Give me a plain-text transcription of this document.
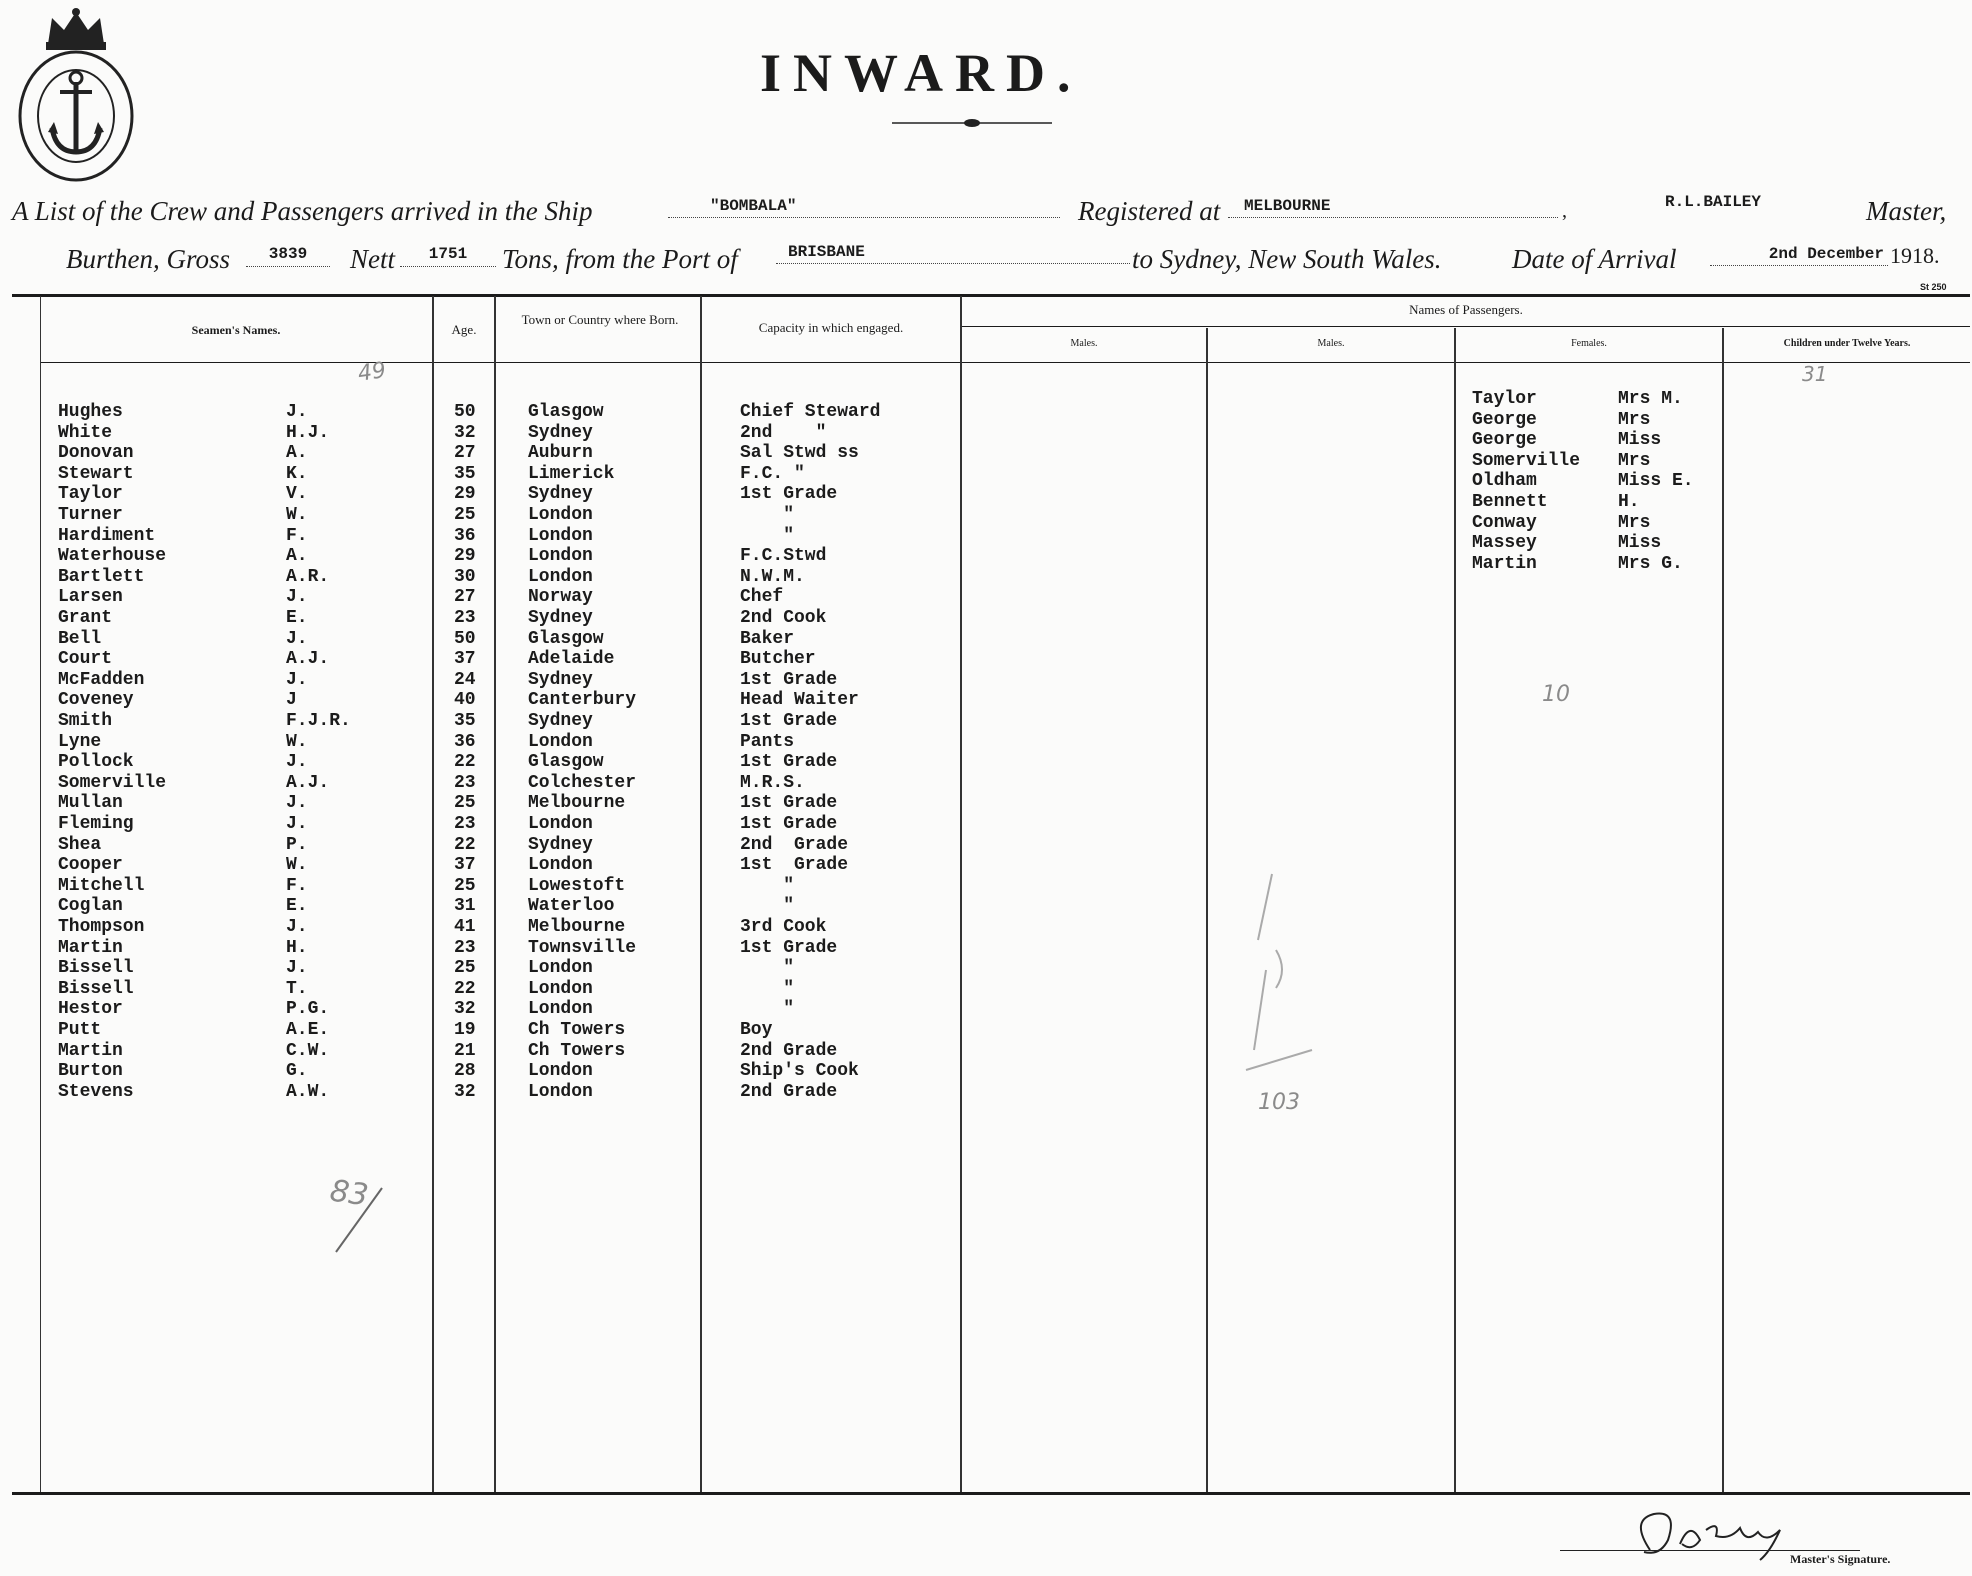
INWARD.
A List of the Crew and Passengers arrived in the Ship	"BOMBALA"	Registered at	MELBOURNE	,	R.L.BAILEY	Master,
Burthen, Gross	3839	Nett	1751	Tons, from the Port of	BRISBANE	to Sydney, New South Wales.	Date of Arrival	2nd December 19 18.
St 250
Seamen's Names.	Age.
Town or Country where Born.
Capacity in which engaged.
Names of Passengers.
Males.	Males.	Females.	Children under Twelve Years.
Hughes	J.	50	Glasgow	Chief Steward
White	H.J.	32	Sydney	2nd    "
Donovan	A.	27	Auburn	Sal Stwd ss
Stewart	K.	35	Limerick	F.C. "
Taylor	V.	29	Sydney	1st Grade
Turner	W.	25	London	"
Hardiment	F.	36	London	"
Waterhouse	A.	29	London	F.C.Stwd
Bartlett	A.R.	30	London	N.W.M.
Larsen	J.	27	Norway	Chef
Grant	E.	23	Sydney	2nd Cook
Bell	J.	50	Glasgow	Baker
Court	A.J.	37	Adelaide	Butcher
McFadden	J.	24	Sydney	1st Grade
Coveney	J	40	Canterbury	Head Waiter
Smith	F.J.R.	35	Sydney	1st Grade
Lyne	W.	36	London	Pants
Pollock	J.	22	Glasgow	1st Grade
Somerville	A.J.	23	Colchester	M.R.S.
Mullan	J.	25	Melbourne	1st Grade
Fleming	J.	23	London	1st Grade
Shea	P.	22	Sydney	2nd  Grade
Cooper	W.	37	London	1st  Grade
Mitchell	F.	25	Lowestoft	"
Coglan	E.	31	Waterloo	"
Thompson	J.	41	Melbourne	3rd Cook
Martin	H.	23	Townsville	1st Grade
Bissell	J.	25	London	"
Bissell	T.	22	London	"
Hestor	P.G.	32	London	"
Putt	A.E.	19	Ch Towers	Boy
Martin	C.W.	21	Ch Towers	2nd Grade
Burton	G.	28	London	Ship's Cook
Stevens	A.W.	32	London	2nd Grade
Taylor	Mrs M.
George	Mrs
George	Miss
Somerville Mrs
Oldham	Miss E.
Bennett	H.
Conway	Mrs
Massey	Miss
Martin	Mrs G.
49	31
10
103
83
Master's Signature.
